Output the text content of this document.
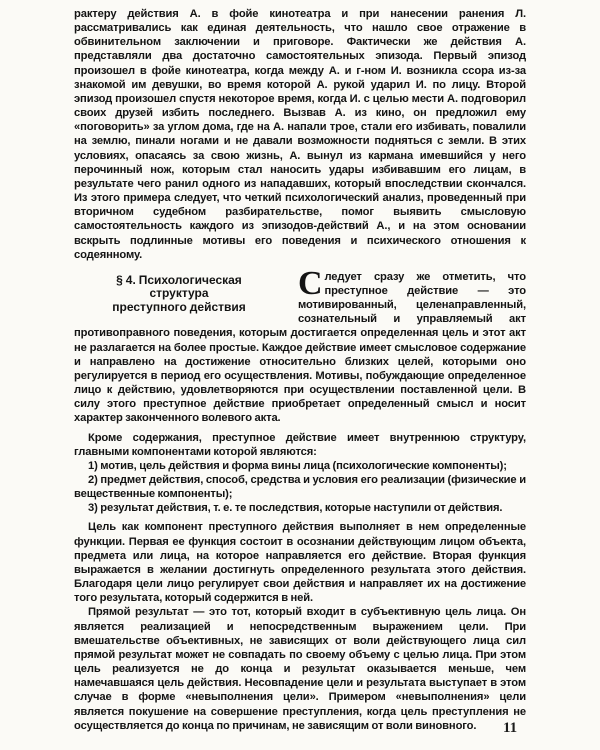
рактеру действия А. в фойе кинотеатра и при нанесении ранения Л. рассматривались как единая деятельность, что нашло свое отражение в обвинительном заключении и приговоре. Фактически же действия А. представляли два достаточно самостоятельных эпизода. Первый эпизод произошел в фойе кинотеатра, когда между А. и г-ном И. возникла ссора из-за знакомой им девушки, во время которой А. рукой ударил И. по лицу. Второй эпизод произошел спустя некоторое время, когда И. с целью мести А. подговорил своих друзей избить последнего. Вызвав А. из кино, он предложил ему «поговорить» за углом дома, где на А. напали трое, стали его избивать, повалили на землю, пинали ногами и не давали возможности подняться с земли. В этих условиях, опасаясь за свою жизнь, А. вынул из кармана имевшийся у него перочинный нож, которым стал наносить удары избивавшим его лицам, в результате чего ранил одного из нападавших, который впоследствии скончался. Из этого примера следует, что четкий психологический анализ, проведенный при вторичном судебном разбирательстве, помог выявить смысловую самостоятельность каждого из эпизодов-действий А., и на этом основании вскрыть подлинные мотивы его поведения и психического отношения к содеянному.

§ 4. Психологическая
структура
преступного действия

Следует сразу же отметить, что преступное действие — это мотивированный, целенаправленный, сознательный и управляемый акт противоправного поведения, которым достигается определенная цель и этот акт не разлагается на более простые. Каждое действие имеет смысловое содержание и направлено на достижение относительно близких целей, которыми оно регулируется в период его осуществления. Мотивы, побуждающие определенное лицо к действию, удовлетворяются при осуществлении поставленной цели. В силу этого преступное действие приобретает определенный смысл и носит характер законченного волевого акта.

Кроме содержания, преступное действие имеет внутреннюю структуру, главными компонентами которой являются:

1) мотив, цель действия и форма вины лица (психологические компоненты);

2) предмет действия, способ, средства и условия его реализации (физические и вещественные компоненты);

3) результат действия, т. е. те последствия, которые наступили от действия.

Цель как компонент преступного действия выполняет в нем определенные функции. Первая ее функция состоит в осознании действующим лицом объекта, предмета или лица, на которое направляется его действие. Вторая функция выражается в желании достигнуть определенного результата этого действия. Благодаря цели лицо регулирует свои действия и направляет их на достижение того результата, который содержится в ней.

Прямой результат — это тот, который входит в субъективную цель лица. Он является реализацией и непосредственным выражением цели. При вмешательстве объективных, не зависящих от воли действующего лица сил прямой результат может не совпадать по своему объему с целью лица. При этом цель реализуется не до конца и результат оказывается меньше, чем намечавшаяся цель действия. Несовпадение цели и результата выступает в этом случае в форме «невыполнения цели». Примером «невыполнения» цели является покушение на совершение преступления, когда цель преступления не осуществляется до конца по причинам, не зависящим от воли виновного.	11
